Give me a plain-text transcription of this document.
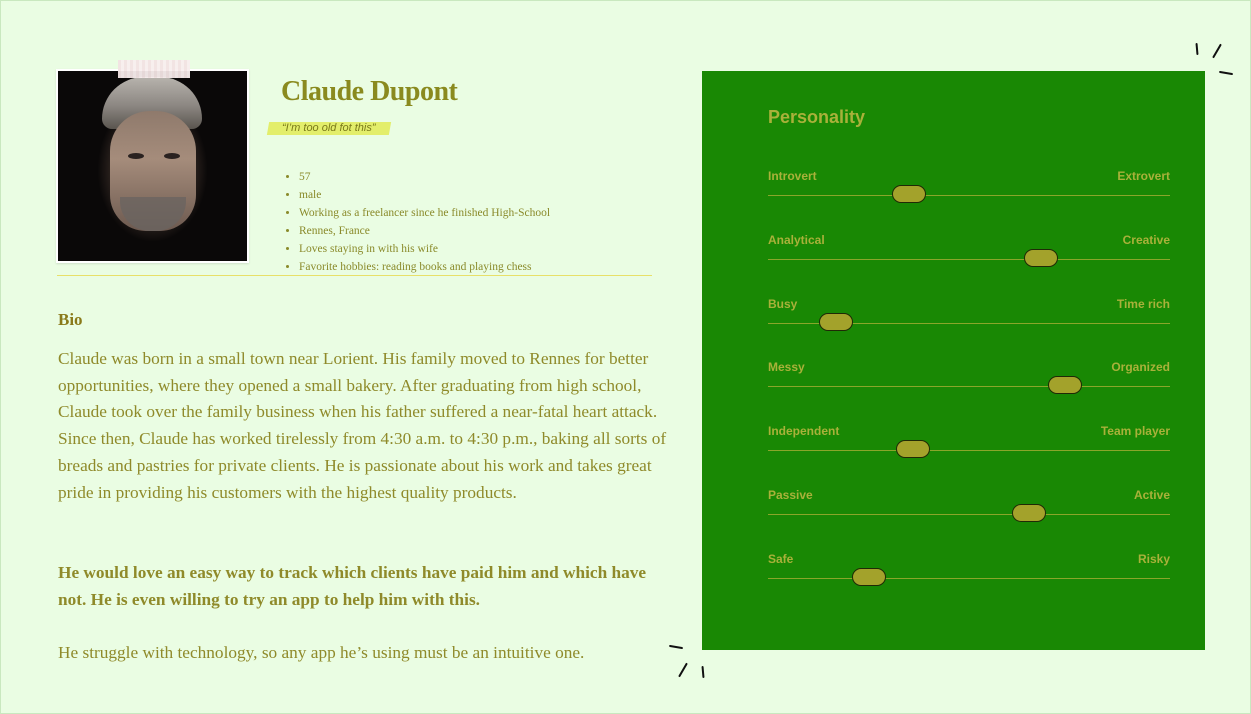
Claude Dupont
“I’m too old fot this”
• 57
• male
• Working as a freelancer since he finished High-School
• Rennes, France
• Loves staying in with his wife
• Favorite hobbies: reading books and playing chess
Bio

Claude was born in a small town near Lorient. His family moved to Rennes for better opportunities, where they opened a small bakery. After graduating from high school, Claude took over the family business when his father suffered a near-fatal heart attack. Since then, Claude has worked tirelessly from 4:30 a.m. to 4:30 p.m., baking all sorts of breads and pastries for private clients. He is passionate about his work and takes great pride in providing his customers with the highest quality products.

He would love an easy way to track which clients have paid him and which have not. He is even willing to try an app to help him with this.

He struggle with technology, so any app he’s using must be an intuitive one.

Personality
Introvert	Extrovert
Analytical	Creative
Busy	Time rich
Messy	Organized
Independent	Team player
Passive	Active
Safe	Risky
